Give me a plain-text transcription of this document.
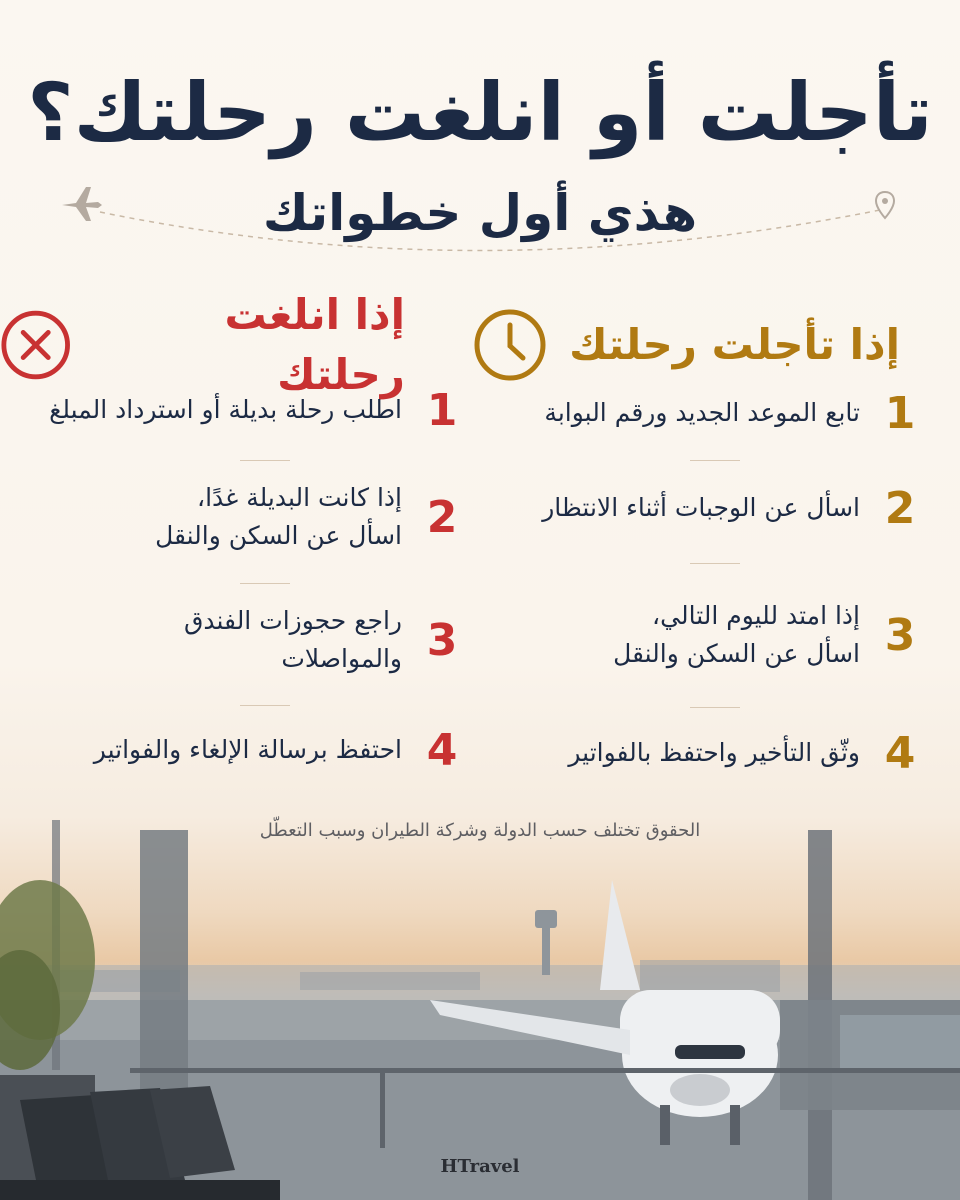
تأجلت أو انلغت رحلتك؟
هذي أول خطواتك
إذا تأجلت رحلتك
إذا انلغت رحلتك
1
تابع الموعد الجديد ورقم البوابة
2
اسأل عن الوجبات أثناء الانتظار
3
إذا امتد لليوم التالي،
اسأل عن السكن والنقل
4
وثّق التأخير واحتفظ بالفواتير
1
اطلب رحلة بديلة أو استرداد المبلغ
2
إذا كانت البديلة غدًا،
اسأل عن السكن والنقل
3
راجع حجوزات الفندق
والمواصلات
4
احتفظ برسالة الإلغاء والفواتير
الحقوق تختلف حسب الدولة وشركة الطيران وسبب التعطّل
HTravel
